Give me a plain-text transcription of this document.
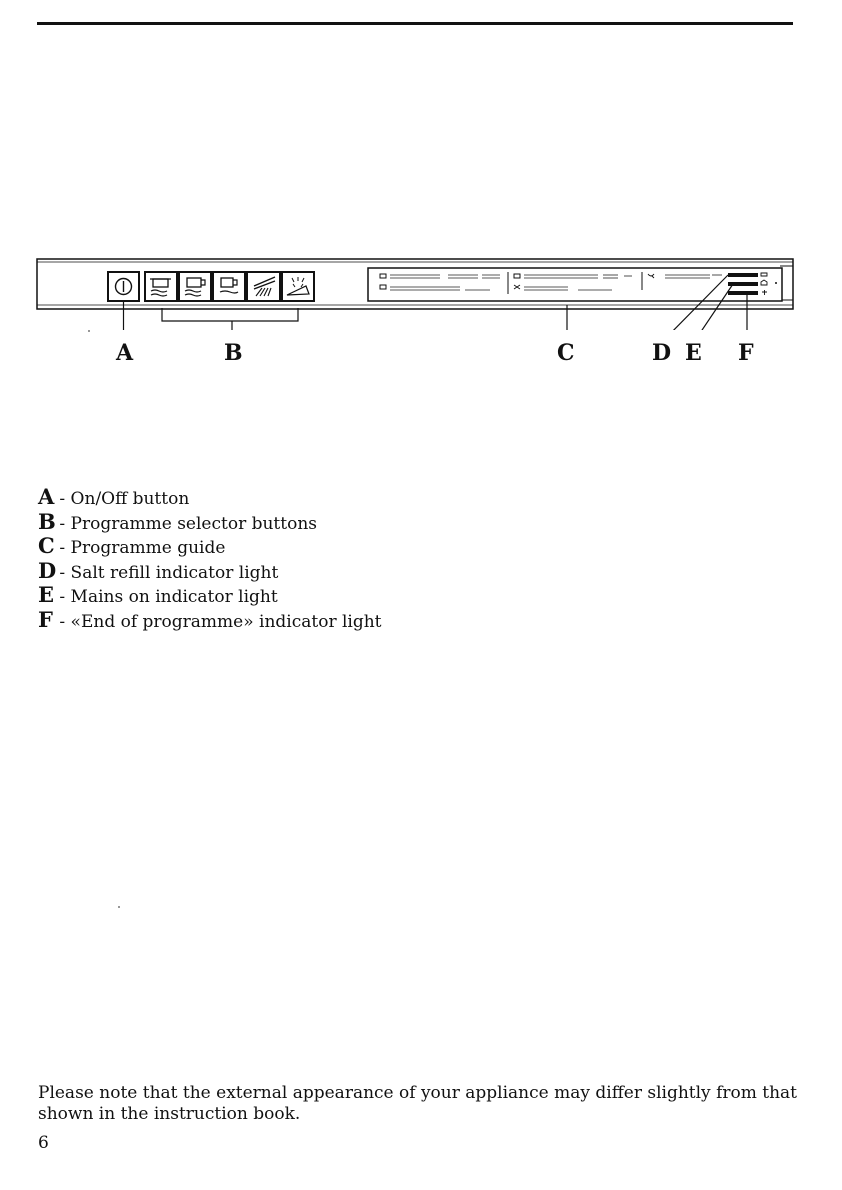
A	B	C	D E F
A - On/Off button
B - Programme selector buttons
C - Programme guide
D - Salt refill indicator light
E - Mains on indicator light
F - «End of programme» indicator light
Please note that the external appearance of your appliance may differ slightly from that shown in the instruction book.
6
